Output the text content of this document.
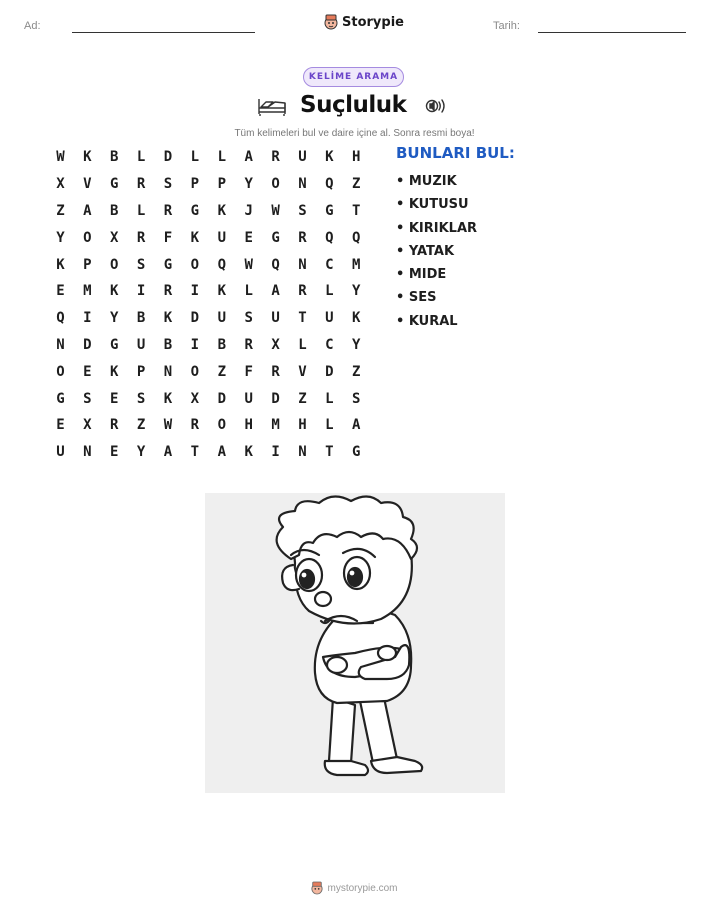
Ad:	Storypie	Tarih:
KELİME ARAMA
Suçluluk
Tüm kelimeleri bul ve daire içine al. Sonra resmi boya!
W	K	B	L	D	L	L	A	R	U	K	H
X	V	G	R	S	P	P	Y	O	N	Q	Z
Z	A	B	L	R	G	K	J	W	S	G	T
Y	O	X	R	F	K	U	E	G	R	Q	Q
K	P	O	S	G	O	Q	W	Q	N	C	M
E	M	K	I	R	I	K	L	A	R	L	Y
Q	I	Y	B	K	D	U	S	U	T	U	K
N	D	G	U	B	I	B	R	X	L	C	Y
O	E	K	P	N	O	Z	F	R	V	D	Z
G	S	E	S	K	X	D	U	D	Z	L	S
E	X	R	Z	W	R	O	H	M	H	L	A
U	N	E	Y	A	T	A	K	I	N	T	G
BUNLARI BUL:
• MUZIK
• KUTUSU
• KIRIKLAR
• YATAK
• MIDE
• SES
• KURAL
mystorypie.com
